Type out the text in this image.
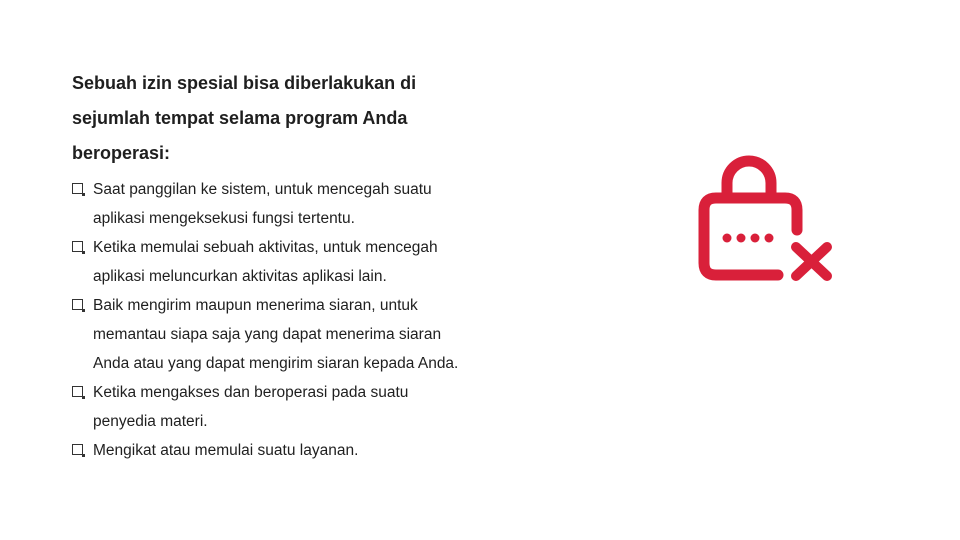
Sebuah izin spesial bisa diberlakukan di

sejumlah tempat selama program Anda

beroperasi:

Saat panggilan ke sistem, untuk mencegah suatu
aplikasi mengeksekusi fungsi tertentu.
Ketika memulai sebuah aktivitas, untuk mencegah
aplikasi meluncurkan aktivitas aplikasi lain.
Baik mengirim maupun menerima siaran, untuk
memantau siapa saja yang dapat menerima siaran
Anda atau yang dapat mengirim siaran kepada Anda.
Ketika mengakses dan beroperasi pada suatu
penyedia materi.
Mengikat atau memulai suatu layanan.
